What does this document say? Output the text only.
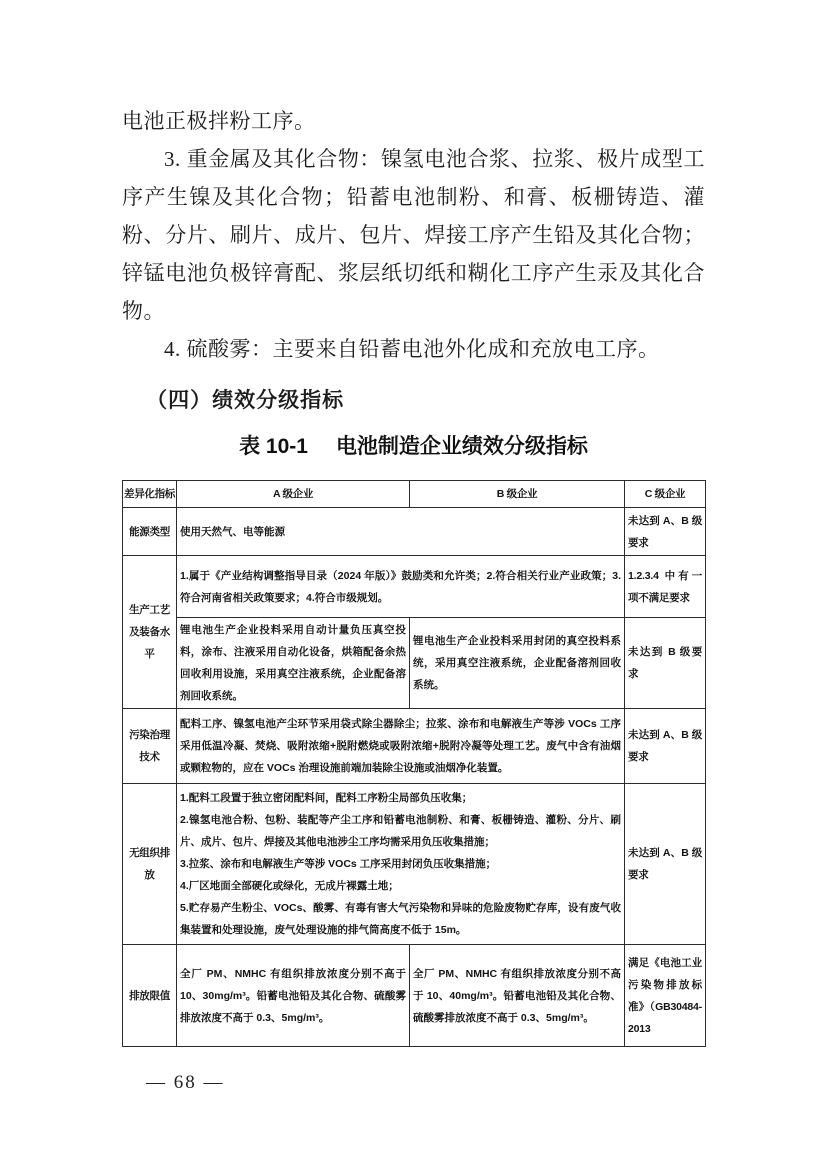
电池正极拌粉工序。

3. 重金属及其化合物：镍氢电池合浆、拉浆、极片成型工序产生镍及其化合物；铅蓄电池制粉、和膏、板栅铸造、灌粉、分片、刷片、成片、包片、焊接工序产生铅及其化合物；锌锰电池负极锌膏配、浆层纸切纸和糊化工序产生汞及其化合物。

4. 硫酸雾：主要来自铅蓄电池外化成和充放电工序。

（四）绩效分级指标
表 10-1 电池制造企业绩效分级指标
差异化指标	A 级企业	B 级企业	C 级企业
能源类型	使用天然气、电等能源		未达到 A、B 级要求
生产工艺及装备水平	1.属于《产业结构调整指导目录（2024 年版）》鼓励类和允许类；2.符合相关行业产业政策；3.符合河南省相关政策要求；4.符合市级规划。		1.2.3.4 中有一项不满足要求
	锂电池生产企业投料采用自动计量负压真空投料，涂布、注液采用自动化设备，烘箱配备余热回收利用设施，采用真空注液系统，企业配备溶剂回收系统。	锂电池生产企业投料采用封闭的真空投料系统，采用真空注液系统，企业配备溶剂回收系统。	未达到 B 级要求
污染治理技术	配料工序、镍氢电池产尘环节采用袋式除尘器除尘；拉浆、涂布和电解液生产等涉 VOCs 工序采用低温冷凝、焚烧、吸附浓缩+脱附燃烧或吸附浓缩+脱附冷凝等处理工艺。废气中含有油烟或颗粒物的，应在 VOCs 治理设施前端加装除尘设施或油烟净化装置。		未达到 A、B 级要求
无组织排放	1.配料工段置于独立密闭配料间，配料工序粉尘局部负压收集；
2.镍氢电池合粉、包粉、装配等产尘工序和铅蓄电池制粉、和膏、板栅铸造、灌粉、分片、刷片、成片、包片、焊接及其他电池涉尘工序均需采用负压收集措施；
3.拉浆、涂布和电解液生产等涉 VOCs 工序采用封闭负压收集措施；
4.厂区地面全部硬化或绿化，无成片裸露土地；
5.贮存易产生粉尘、VOCs、酸雾、有毒有害大气污染物和异味的危险废物贮存库，设有废气收集装置和处理设施，废气处理设施的排气筒高度不低于 15m。		未达到 A、B 级要求
排放限值	全厂 PM、NMHC 有组织排放浓度分别不高于 10、30mg/m³。铅蓄电池铅及其化合物、硫酸雾排放浓度不高于 0.3、5mg/m³。	全厂 PM、NMHC 有组织排放浓度分别不高于 10、40mg/m³。铅蓄电池铅及其化合物、硫酸雾排放浓度不高于 0.3、5mg/m³。	满足《电池工业污染物排放标准》（GB30484-2013
— 68 —
